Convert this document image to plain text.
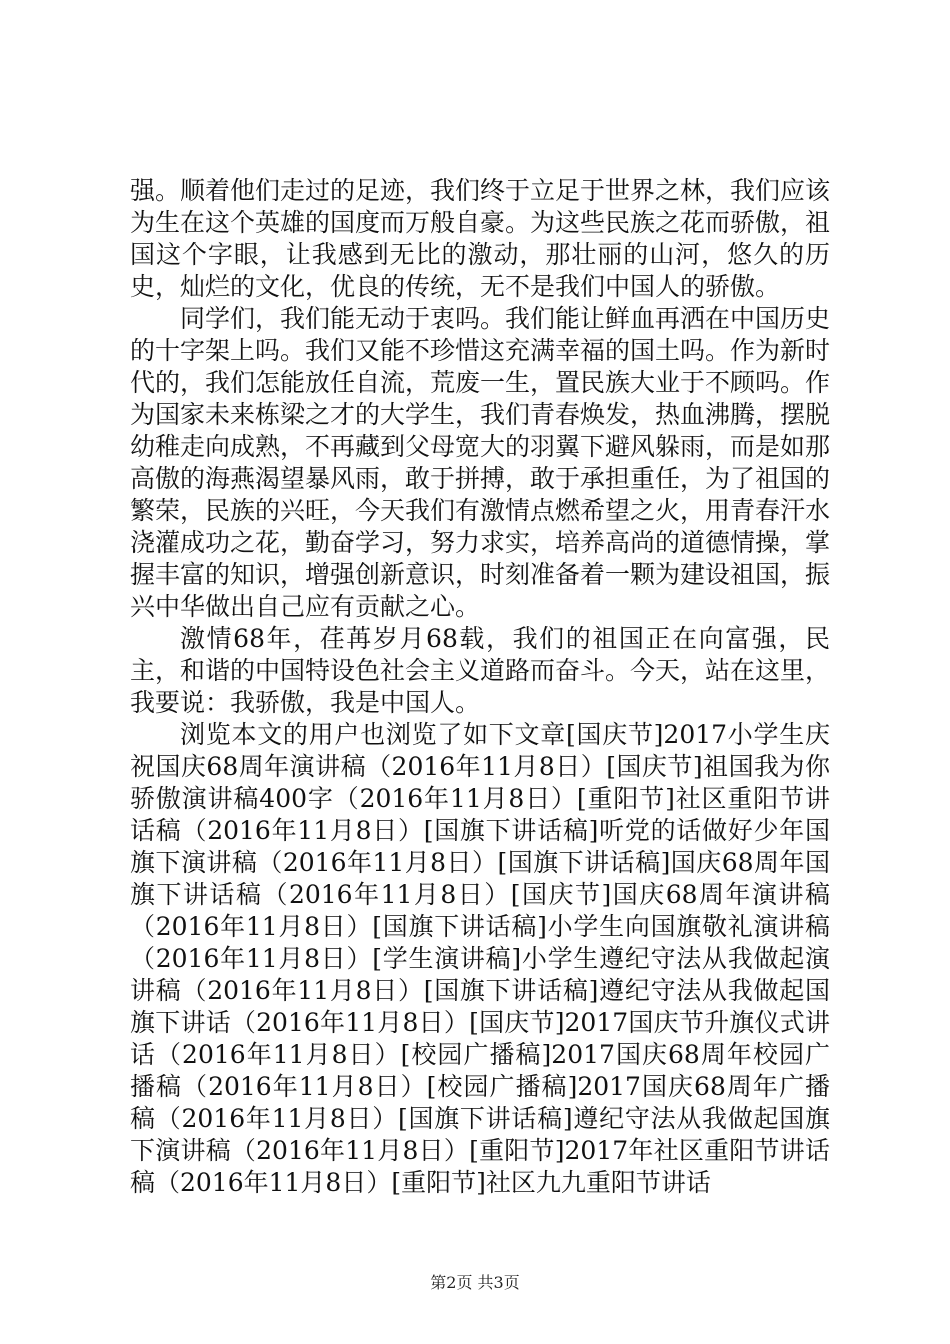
强。顺着他们走过的足迹，我们终于立足于世界之林，我们应该为生在这个英雄的国度而万般自豪。为这些民族之花而骄傲，祖国这个字眼，让我感到无比的激动，那壮丽的山河，悠久的历史，灿烂的文化，优良的传统，无不是我们中国人的骄傲。

同学们，我们能无动于衷吗。我们能让鲜血再洒在中国历史的十字架上吗。我们又能不珍惜这充满幸福的国土吗。作为新时代的，我们怎能放任自流，荒废一生，置民族大业于不顾吗。作为国家未来栋梁之才的大学生，我们青春焕发，热血沸腾，摆脱幼稚走向成熟，不再藏到父母宽大的羽翼下避风躲雨，而是如那高傲的海燕渴望暴风雨，敢于拼搏，敢于承担重任，为了祖国的繁荣，民族的兴旺，今天我们有激情点燃希望之火，用青春汗水浇灌成功之花，勤奋学习，努力求实，培养高尚的道德情操，掌握丰富的知识，增强创新意识，时刻准备着一颗为建设祖国，振兴中华做出自己应有贡献之心。

激情68年，荏苒岁月68载，我们的祖国正在向富强，民主，和谐的中国特设色社会主义道路而奋斗。今天，站在这里，我要说：我骄傲，我是中国人。

浏览本文的用户也浏览了如下文章[国庆节]2017小学生庆祝国庆68周年演讲稿（2016年11月8日）[国庆节]祖国我为你骄傲演讲稿400字（2016年11月8日）[重阳节]社区重阳节讲话稿（2016年11月8日）[国旗下讲话稿]听党的话做好少年国旗下演讲稿（2016年11月8日）[国旗下讲话稿]国庆68周年国旗下讲话稿（2016年11月8日）[国庆节]国庆68周年演讲稿（2016年11月8日）[国旗下讲话稿]小学生向国旗敬礼演讲稿（2016年11月8日）[学生演讲稿]小学生遵纪守法从我做起演讲稿（2016年11月8日）[国旗下讲话稿]遵纪守法从我做起国旗下讲话（2016年11月8日）[国庆节]2017国庆节升旗仪式讲话（2016年11月8日）[校园广播稿]2017国庆68周年校园广播稿（2016年11月8日）[校园广播稿]2017国庆68周年广播稿（2016年11月8日）[国旗下讲话稿]遵纪守法从我做起国旗下演讲稿（2016年11月8日）[重阳节]2017年社区重阳节讲话稿（2016年11月8日）[重阳节]社区九九重阳节讲话

第2页 共3页
